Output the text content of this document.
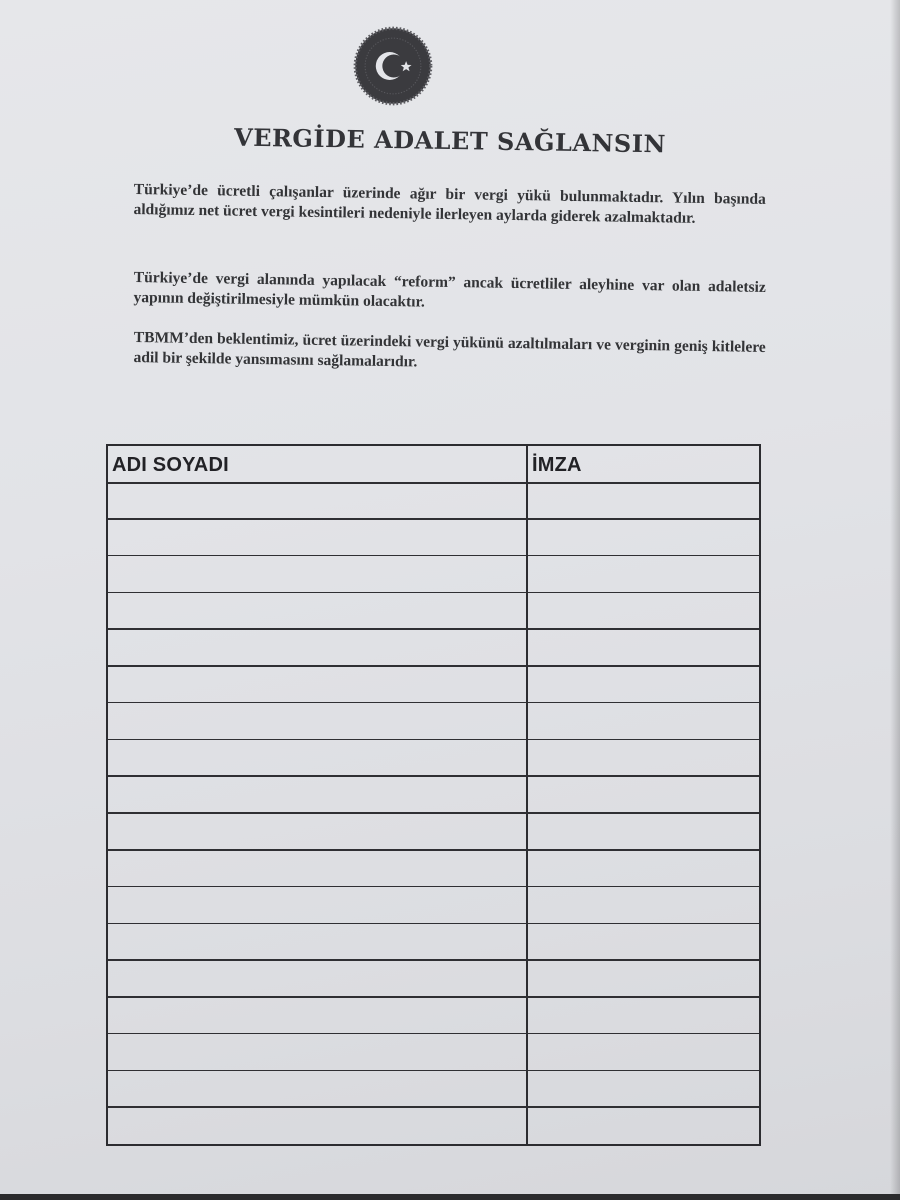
VERGİDE ADALET SAĞLANSIN
Türkiye’de ücretli çalışanlar üzerinde ağır bir vergi yükü bulunmaktadır. Yılın başında aldığımız net ücret vergi kesintileri nedeniyle ilerleyen aylarda giderek azalmaktadır.
Türkiye’de vergi alanında yapılacak “reform” ancak ücretliler aleyhine var olan adaletsiz yapının değiştirilmesiyle mümkün olacaktır.
TBMM’den beklentimiz, ücret üzerindeki vergi yükünü azaltılmaları ve verginin geniş kitlelere adil bir şekilde yansımasını sağlamalarıdır.
ADI SOYADI	İMZA
